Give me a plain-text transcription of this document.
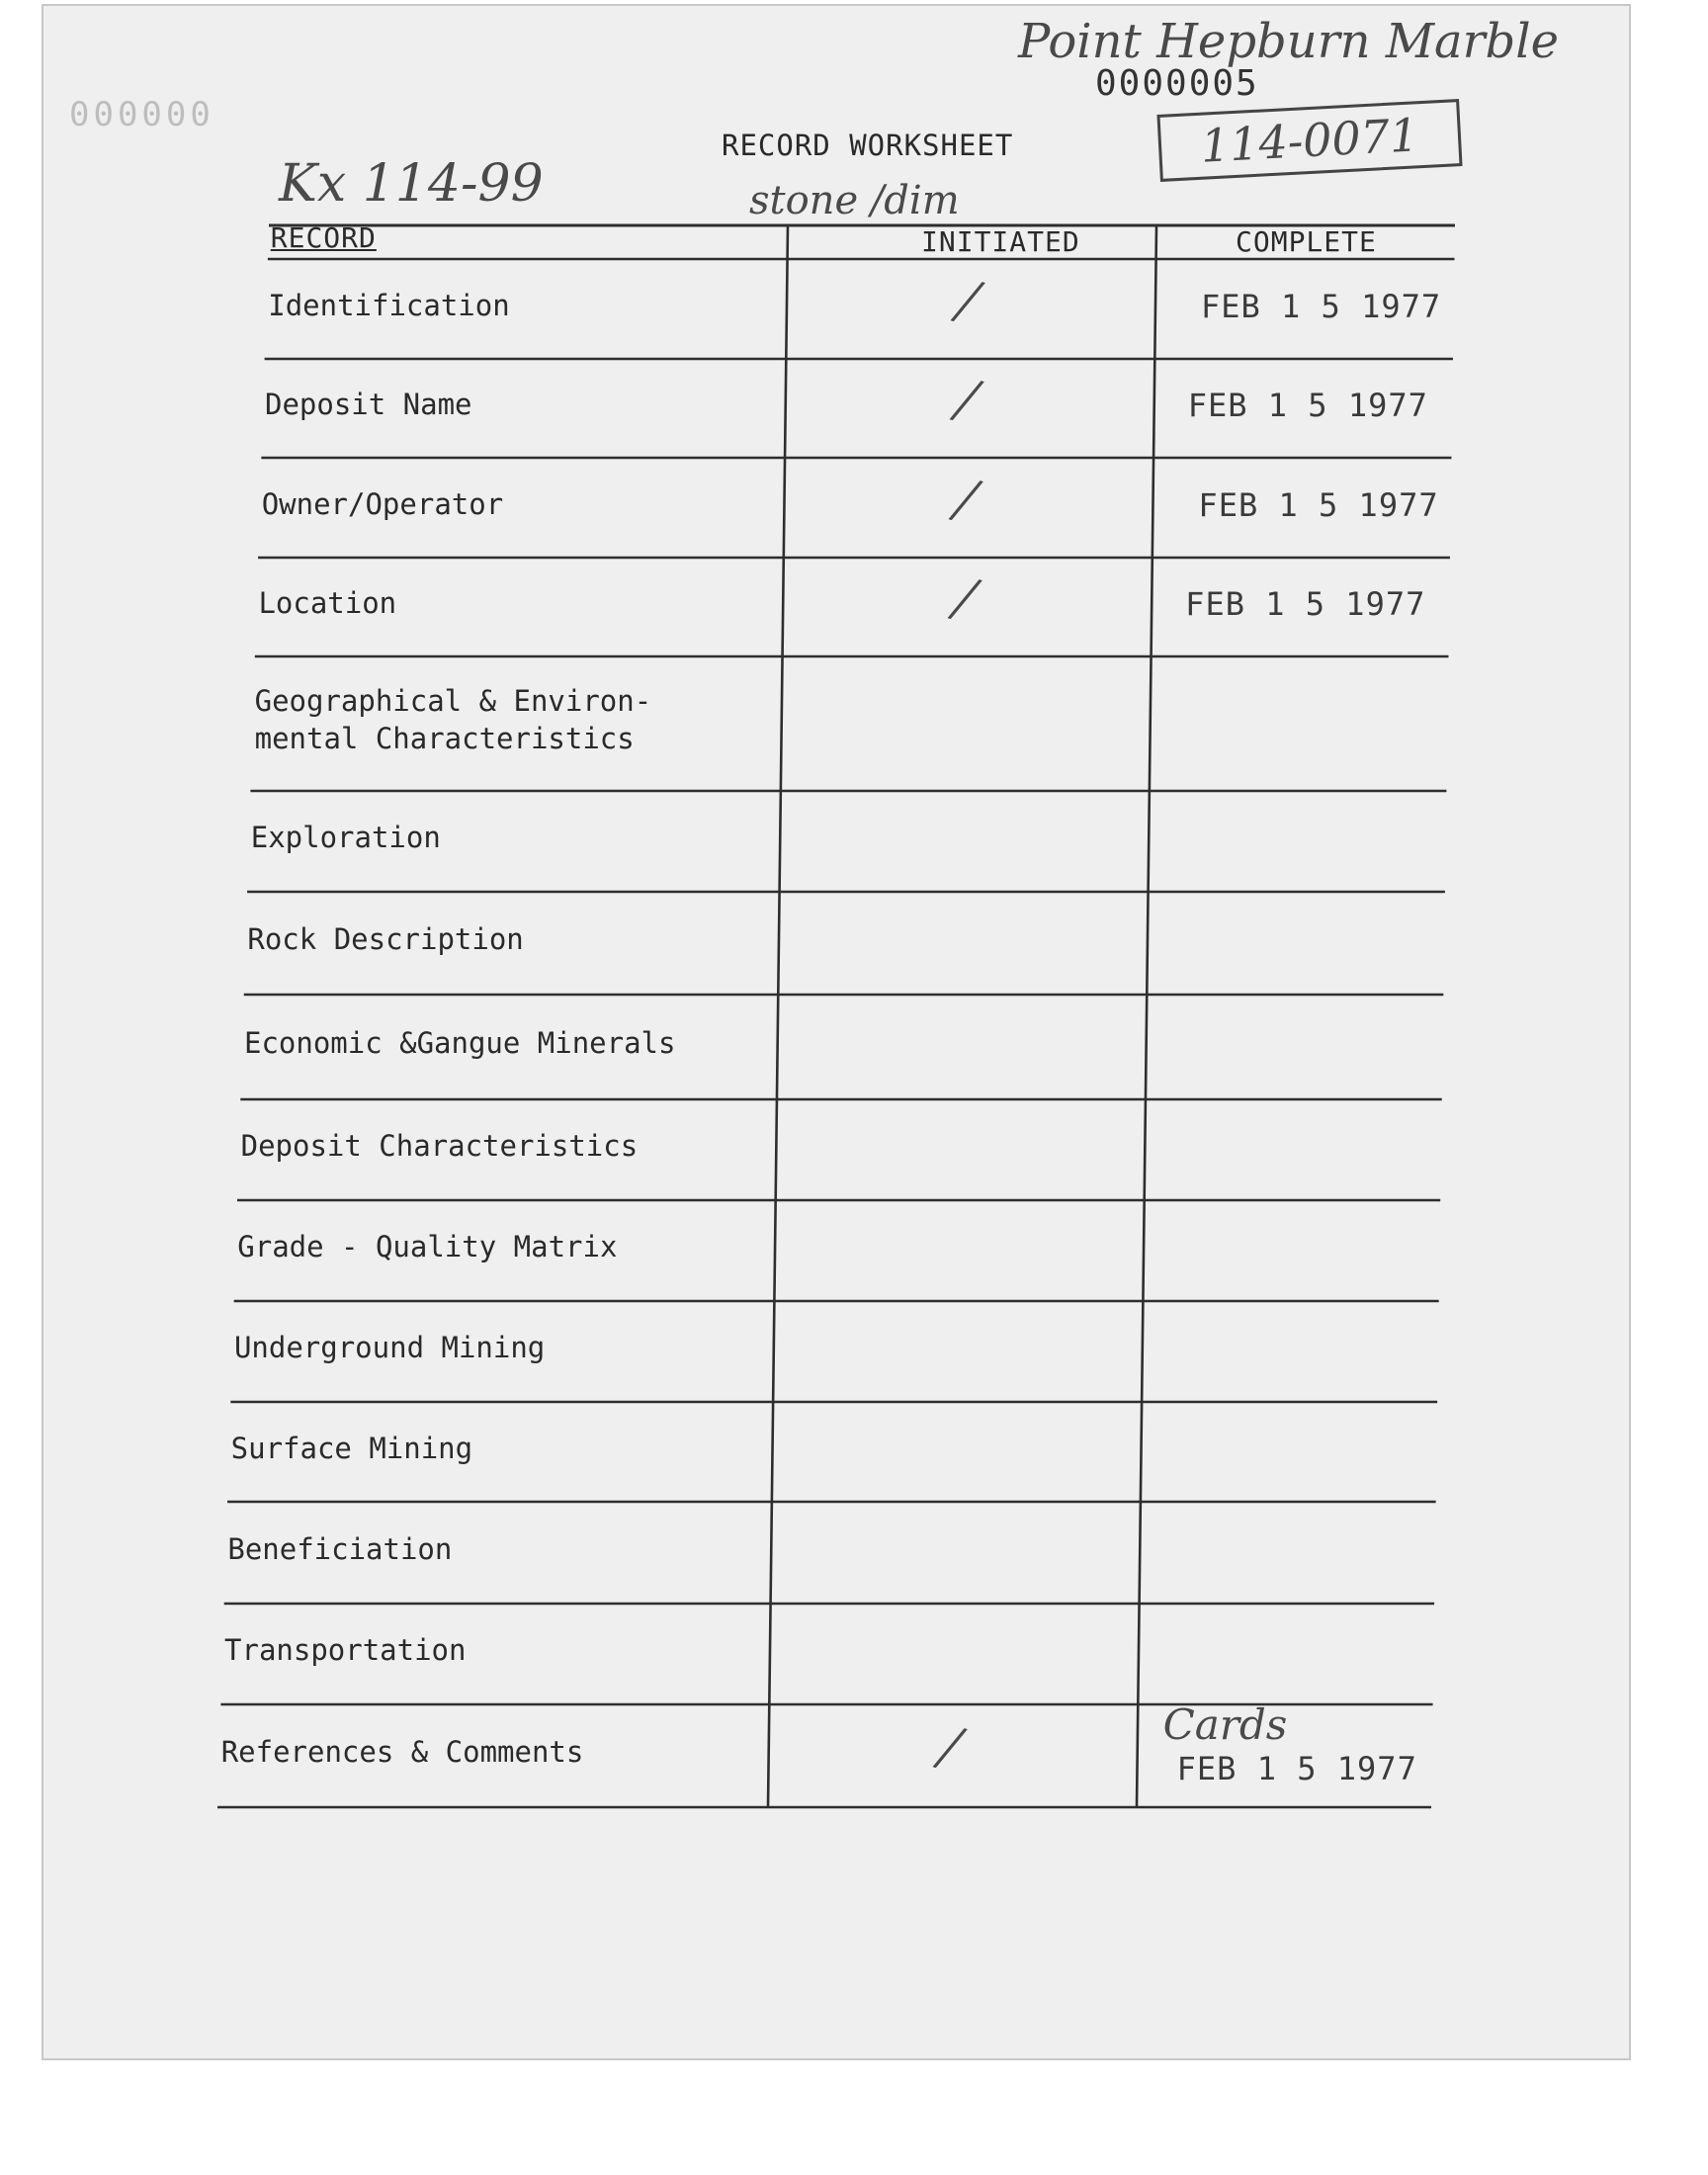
000000
Point Hepburn Marble
0000005
114-0071
Kx 114-99
RECORD WORKSHEET
stone /dim
RECORD	INITIATED	COMPLETE
Identification	/	FEB 1 5 1977
Deposit Name	/	FEB 1 5 1977
Owner/Operator	/	FEB 1 5 1977
Location	/	FEB 1 5 1977
Geographical & Environ-
mental Characteristics
Exploration
Rock Description
Economic &Gangue Minerals
Deposit Characteristics
Grade - Quality Matrix
Underground Mining
Surface Mining
Beneficiation
Transportation
References & Comments	/	Cards
FEB 1 5 1977
